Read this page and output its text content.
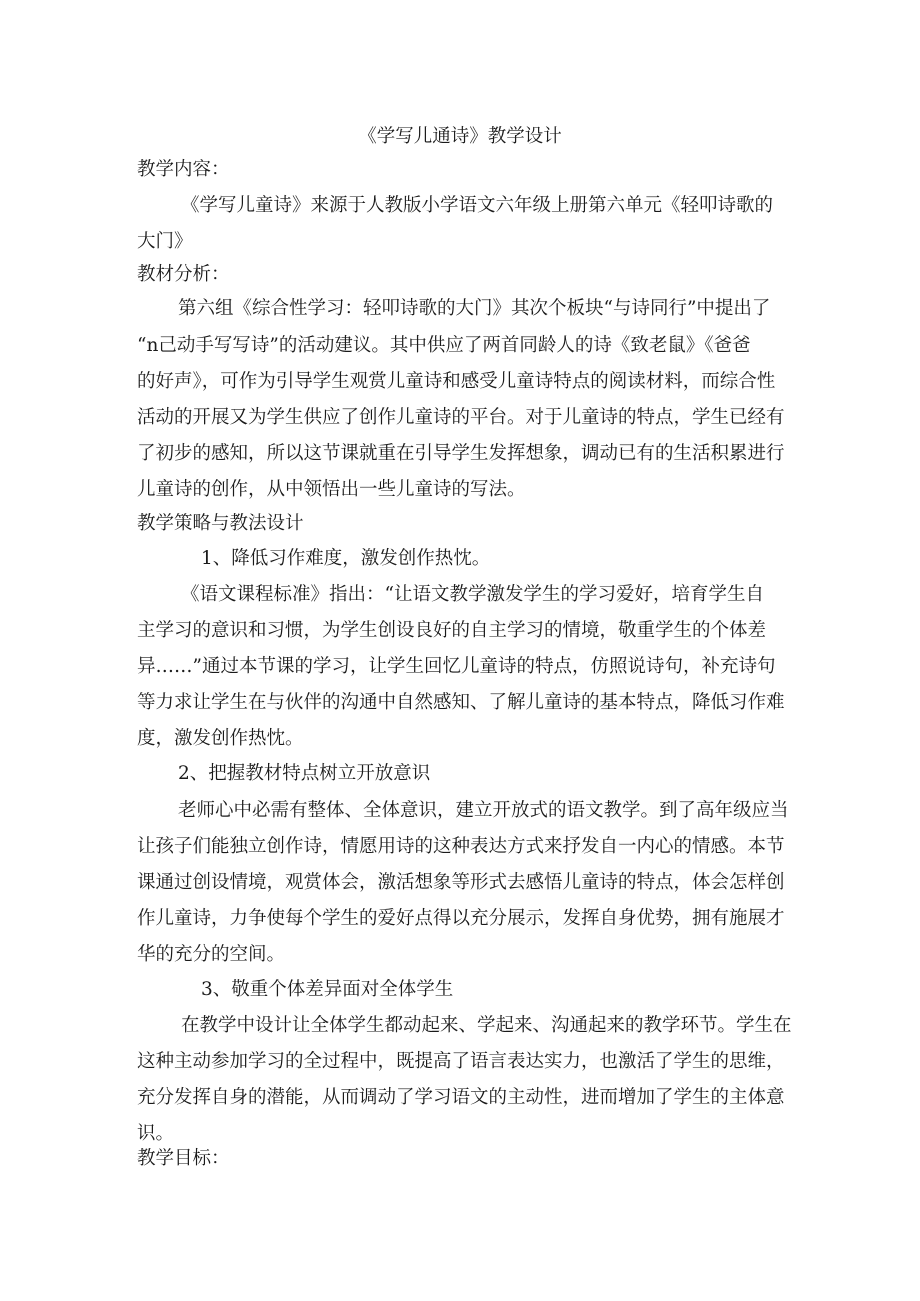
《学写儿通诗》教学设计
教学内容：
《学写儿童诗》来源于人教版小学语文六年级上册第六单元《轻叩诗歌的
大门》
教材分析：
第六组《综合性学习：轻叩诗歌的大门》其次个板块“与诗同行”中提出了
“n己动手写写诗”的活动建议。其中供应了两首同龄人的诗《致老鼠》《爸爸
的好声》，可作为引导学生观赏儿童诗和感受儿童诗特点的阅读材料，而综合性
活动的开展又为学生供应了创作儿童诗的平台。对于儿童诗的特点，学生已经有
了初步的感知，所以这节课就重在引导学生发挥想象，调动已有的生活积累进行
儿童诗的创作，从中领悟出一些儿童诗的写法。
教学策略与教法设计
1、降低习作难度，激发创作热忱。
《语文课程标准》指出：“让语文教学激发学生的学习爱好，培育学生自
主学习的意识和习惯，为学生创设良好的自主学习的情境，敬重学生的个体差
异……”通过本节课的学习，让学生回忆儿童诗的特点，仿照说诗句，补充诗句
等力求让学生在与伙伴的沟通中自然感知、了解儿童诗的基本特点，降低习作难
度，激发创作热忱。
2、把握教材特点树立开放意识
老师心中必需有整体、全体意识，建立开放式的语文教学。到了高年级应当
让孩子们能独立创作诗，情愿用诗的这种表达方式来抒发自一内心的情感。本节
课通过创设情境，观赏体会，激活想象等形式去感悟儿童诗的特点，体会怎样创
作儿童诗，力争使每个学生的爱好点得以充分展示，发挥自身优势，拥有施展才
华的充分的空间。
3、敬重个体差异面对全体学生
在教学中设计让全体学生都动起来、学起来、沟通起来的教学环节。学生在
这种主动参加学习的全过程中，既提高了语言表达实力，也激活了学生的思维，
充分发挥自身的潜能，从而调动了学习语文的主动性，进而增加了学生的主体意
识。
教学目标：
